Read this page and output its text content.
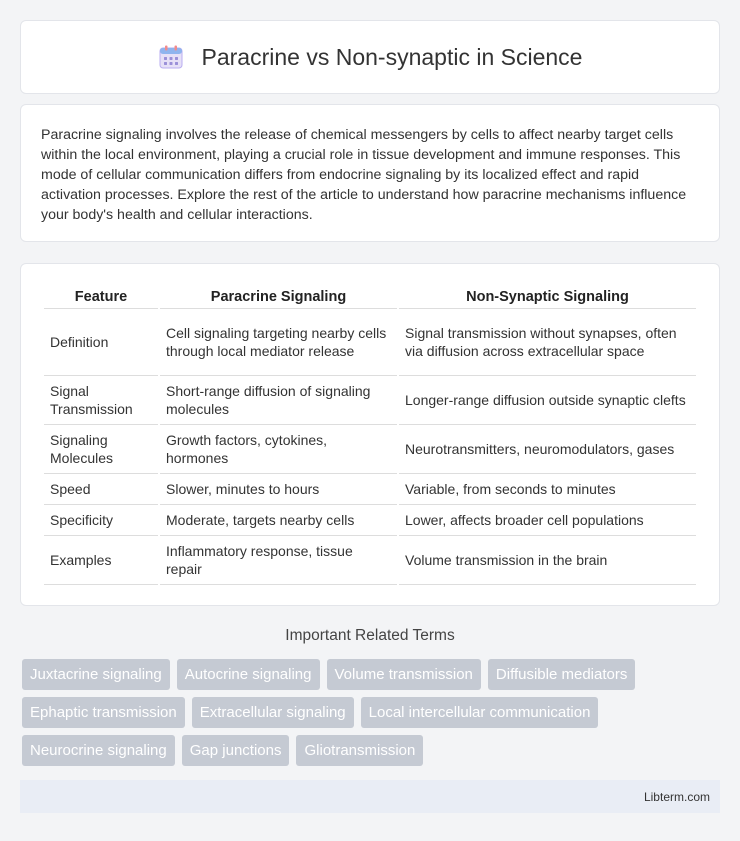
Paracrine vs Non-synaptic in Science

Paracrine signaling involves the release of chemical messengers by cells to affect nearby target cells within the local environment, playing a crucial role in tissue development and immune responses. This mode of cellular communication differs from endocrine signaling by its localized effect and rapid activation processes. Explore the rest of the article to understand how paracrine mechanisms influence your body's health and cellular interactions.

Feature	Paracrine Signaling	Non-Synaptic Signaling
Definition	Cell signaling targeting nearby cells through local mediator release	Signal transmission without synapses, often via diffusion across extracellular space
Signal Transmission	Short-range diffusion of signaling molecules	Longer-range diffusion outside synaptic clefts
Signaling Molecules	Growth factors, cytokines, hormones	Neurotransmitters, neuromodulators, gases
Speed	Slower, minutes to hours	Variable, from seconds to minutes
Specificity	Moderate, targets nearby cells	Lower, affects broader cell populations
Examples	Inflammatory response, tissue repair	Volume transmission in the brain
Important Related Terms
Juxtacrine signaling	Autocrine signaling	Volume transmission	Diffusible mediators
Ephaptic transmission	Extracellular signaling	Local intercellular communication
Neurocrine signaling	Gap junctions	Gliotransmission
Libterm.com
